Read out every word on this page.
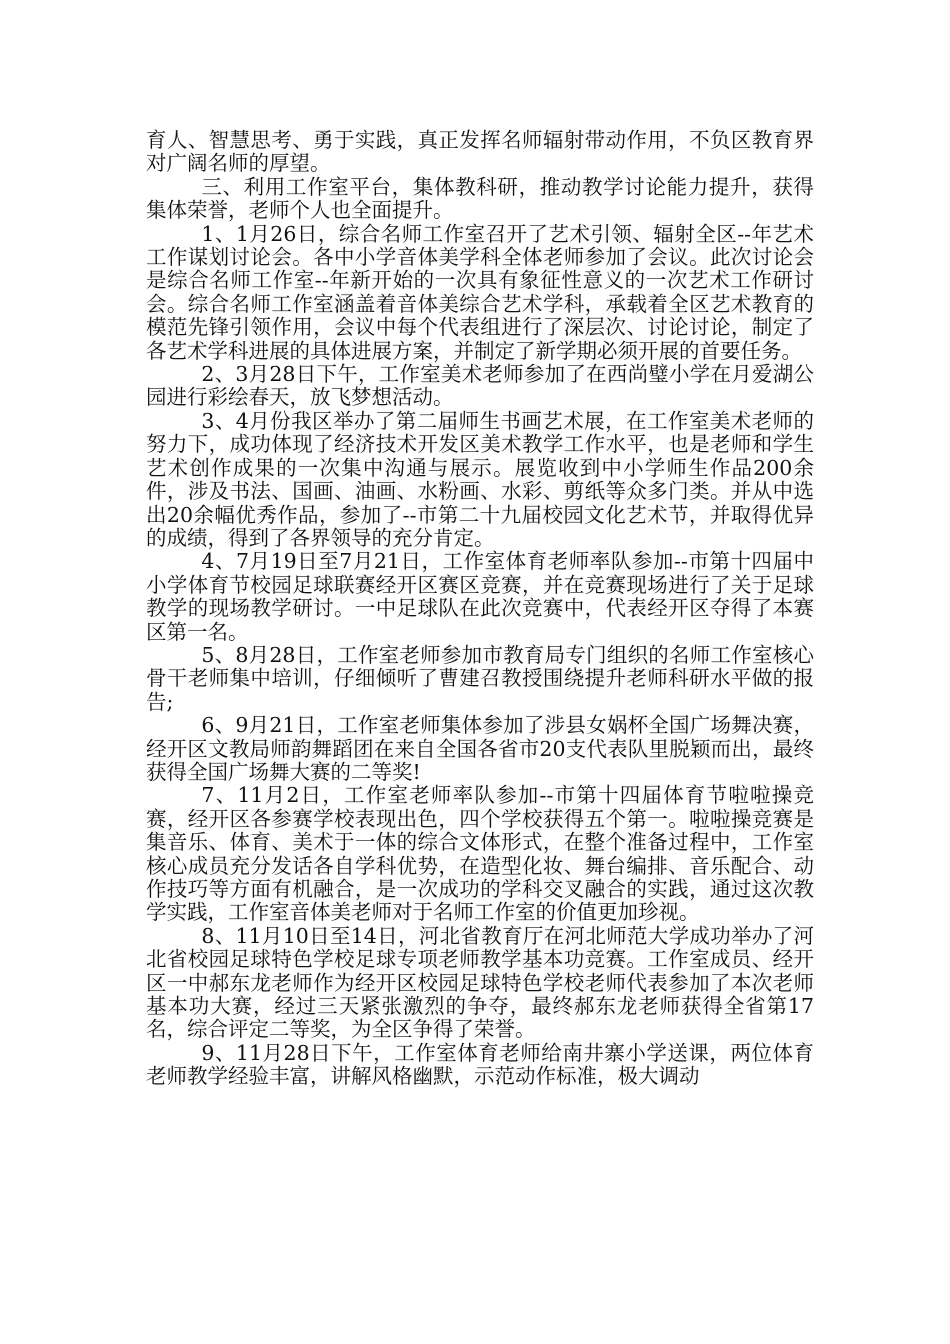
育人、智慧思考、勇于实践，真正发挥名师辐射带动作用，不负区教育界对广阔名师的厚望。

三、利用工作室平台，集体教科研，推动教学讨论能力提升，获得集体荣誉，老师个人也全面提升。

1、1月26日，综合名师工作室召开了艺术引领、辐射全区--年艺术工作谋划讨论会。各中小学音体美学科全体老师参加了会议。此次讨论会是综合名师工作室--年新开始的一次具有象征性意义的一次艺术工作研讨会。综合名师工作室涵盖着音体美综合艺术学科，承载着全区艺术教育的模范先锋引领作用，会议中每个代表组进行了深层次、讨论讨论，制定了各艺术学科进展的具体进展方案，并制定了新学期必须开展的首要任务。

2、3月28日下午，工作室美术老师参加了在西尚璧小学在月爱湖公园进行彩绘春天，放飞梦想活动。

3、4月份我区举办了第二届师生书画艺术展，在工作室美术老师的努力下，成功体现了经济技术开发区美术教学工作水平，也是老师和学生艺术创作成果的一次集中沟通与展示。展览收到中小学师生作品200余件，涉及书法、国画、油画、水粉画、水彩、剪纸等众多门类。并从中选出20余幅优秀作品，参加了--市第二十九届校园文化艺术节，并取得优异的成绩，得到了各界领导的充分肯定。

4、7月19日至7月21日，工作室体育老师率队参加--市第十四届中小学体育节校园足球联赛经开区赛区竞赛，并在竞赛现场进行了关于足球教学的现场教学研讨。一中足球队在此次竞赛中，代表经开区夺得了本赛区第一名。

5、8月28日，工作室老师参加市教育局专门组织的名师工作室核心骨干老师集中培训，仔细倾听了曹建召教授围绕提升老师科研水平做的报告;

6、9月21日，工作室老师集体参加了涉县女娲杯全国广场舞决赛，经开区文教局师韵舞蹈团在来自全国各省市20支代表队里脱颖而出，最终获得全国广场舞大赛的二等奖!

7、11月2日，工作室老师率队参加--市第十四届体育节啦啦操竞赛，经开区各参赛学校表现出色，四个学校获得五个第一。啦啦操竞赛是集音乐、体育、美术于一体的综合文体形式，在整个准备过程中，工作室核心成员充分发话各自学科优势，在造型化妆、舞台编排、音乐配合、动作技巧等方面有机融合，是一次成功的学科交叉融合的实践，通过这次教学实践，工作室音体美老师对于名师工作室的价值更加珍视。

8、11月10日至14日，河北省教育厅在河北师范大学成功举办了河北省校园足球特色学校足球专项老师教学基本功竞赛。工作室成员、经开区一中郝东龙老师作为经开区校园足球特色学校老师代表参加了本次老师基本功大赛，经过三天紧张激烈的争夺，最终郝东龙老师获得全省第17名，综合评定二等奖，为全区争得了荣誉。

9、11月28日下午，工作室体育老师给南井寨小学送课，两位体育老师教学经验丰富，讲解风格幽默，示范动作标准，极大调动
